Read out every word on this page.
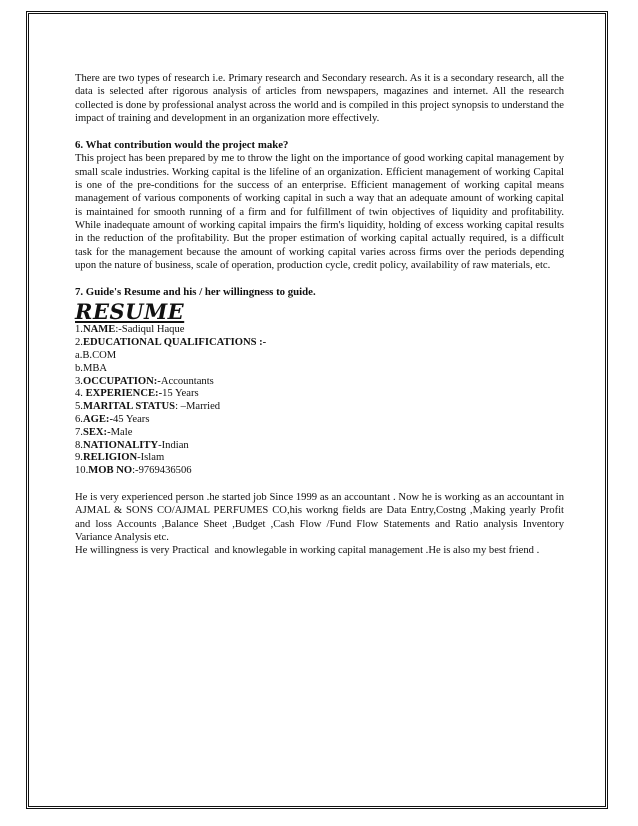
There are two types of research i.e. Primary research and Secondary research. As it is a secondary research, all the data is selected after rigorous analysis of articles from newspapers, magazines and internet. All the research collected is done by professional analyst across the world and is compiled in this project synopsis to understand the impact of training and development in an organization more effectively.

6. What contribution would the project make?

This project has been prepared by me to throw the light on the importance of good working capital management by small scale industries. Working capital is the lifeline of an organization. Efficient management of working Capital is one of the pre-conditions for the success of an enterprise. Efficient management of working capital means management of various components of working capital in such a way that an adequate amount of working capital is maintained for smooth running of a firm and for fulfillment of twin objectives of liquidity and profitability. While inadequate amount of working capital impairs the firm's liquidity, holding of excess working capital results in the reduction of the profitability. But the proper estimation of working capital actually required, is a difficult task for the management because the amount of working capital varies across firms over the periods depending upon the nature of business, scale of operation, production cycle, credit policy, availability of raw materials, etc.

7. Guide's Resume and his / her willingness to guide.

RESUME

1.NAME:-Sadiqul Haque

2.EDUCATIONAL QUALIFICATIONS :-

a.B.COM

b.MBA

3.OCCUPATION:-Accountants

4. EXPERIENCE:-15 Years

5.MARITAL STATUS: –Married

6.AGE:-45 Years

7.SEX:-Male

8.NATIONALITY-Indian

9.RELIGION-Islam

10.MOB NO:-9769436506

He is very experienced person .he started job Since 1999 as an accountant . Now he is working as an accountant in AJMAL & SONS CO/AJMAL PERFUMES CO,his workng fields are Data Entry,Costng ,Making yearly Profit and loss Accounts ,Balance Sheet ,Budget ,Cash Flow /Fund Flow Statements and Ratio analysis Inventory Variance Analysis etc.

He willingness is very Practical  and knowlegable in working capital management .He is also my best friend .
